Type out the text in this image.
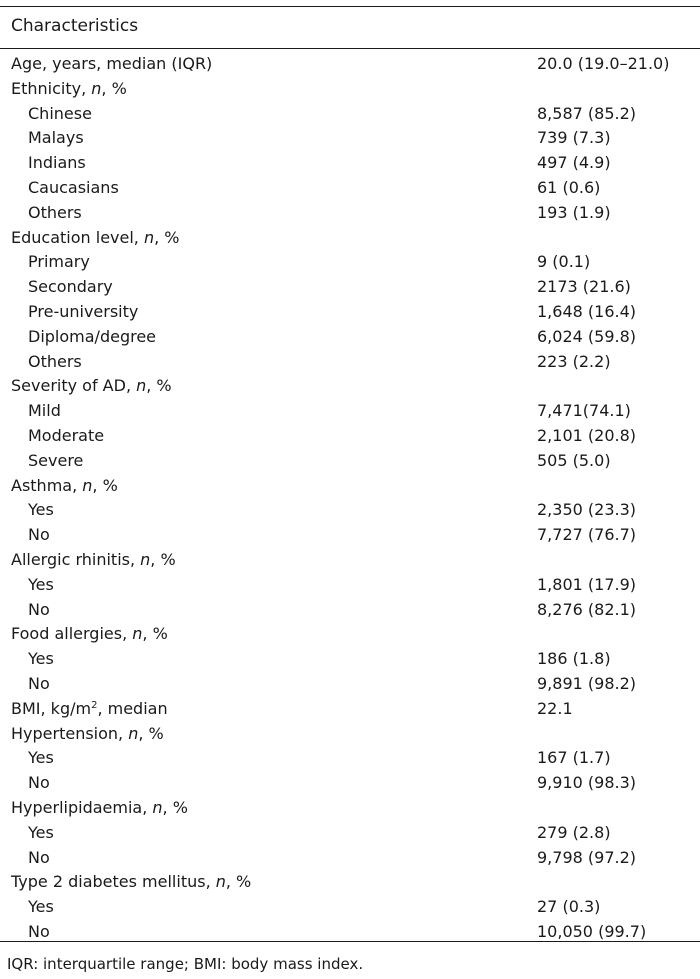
Characteristics
Age, years, median (IQR)	20.0 (19.0–21.0)
Ethnicity, n, %
Chinese	8,587 (85.2)
Malays	739 (7.3)
Indians	497 (4.9)
Caucasians	61 (0.6)
Others	193 (1.9)
Education level, n, %
Primary	9 (0.1)
Secondary	2173 (21.6)
Pre-university	1,648 (16.4)
Diploma/degree	6,024 (59.8)
Others	223 (2.2)
Severity of AD, n, %
Mild	7,471(74.1)
Moderate	2,101 (20.8)
Severe	505 (5.0)
Asthma, n, %
Yes	2,350 (23.3)
No	7,727 (76.7)
Allergic rhinitis, n, %
Yes	1,801 (17.9)
No	8,276 (82.1)
Food allergies, n, %
Yes	186 (1.8)
No	9,891 (98.2)
BMI, $kg/m^2$, median	22.1
Hypertension, n, %
Yes	167 (1.7)
No	9,910 (98.3)
Hyperlipidaemia, n, %
Yes	279 (2.8)
No	9,798 (97.2)
Type 2 diabetes mellitus, n, %
Yes	27 (0.3)
No	10,050 (99.7)
IQR: interquartile range; BMI: body mass index.
